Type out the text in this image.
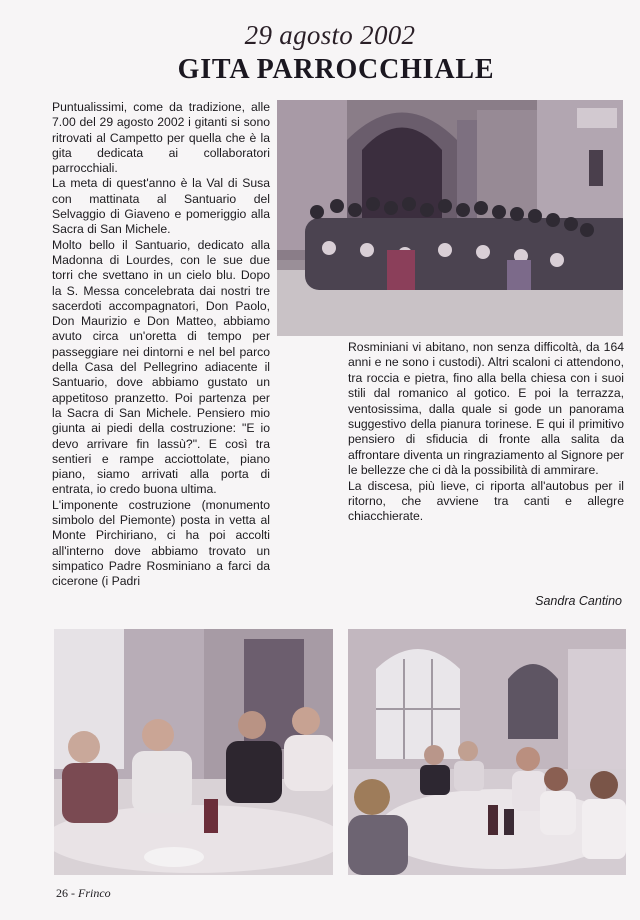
29 agosto 2002
GITA PARROCCHIALE

Puntualissimi, come da tradizione, alle 7.00 del 29 agosto 2002 i gitanti si sono ritrovati al Campetto per quella che è la gita dedicata ai collaboratori parrocchiali.

La meta di quest'anno è la Val di Susa con mattinata al Santuario del Selvaggio di Giaveno e pomeriggio alla Sacra di San Michele.

Molto bello il Santuario, dedicato alla Madonna di Lourdes, con le sue due torri che svettano in un cielo blu. Dopo la S. Messa concelebrata dai nostri tre sacerdoti accompagnatori, Don Paolo, Don Maurizio e Don Matteo, abbiamo avuto circa un'oretta di tempo per passeggiare nei dintorni e nel bel parco della Casa del Pellegrino adiacente il Santuario, dove abbiamo gustato un appetitoso pranzetto. Poi partenza per la Sacra di San Michele. Pensiero mio giunta ai piedi della costruzione: "E io devo arrivare fin lassù?". E così tra sentieri e rampe acciottolate, piano piano, siamo arrivati alla porta di entrata, io credo buona ultima.

L'imponente costruzione (monumento simbolo del Piemonte) posta in vetta al Monte Pirchiriano, ci ha poi accolti all'interno dove abbiamo trovato un simpatico Padre Rosminiano a farci da cicerone (i Padri

Rosminiani vi abitano, non senza difficoltà, da 164 anni e ne sono i custodi). Altri scaloni ci attendono, tra roccia e pietra, fino alla bella chiesa con i suoi stili dal romanico al gotico. E poi la terrazza, ventosissima, dalla quale si gode un panorama suggestivo della pianura torinese. E qui il primitivo pensiero di sfiducia di fronte alla salita da affrontare diventa un ringraziamento al Signore per le bellezze che ci dà la possibilità di ammirare.

La discesa, più lieve, ci riporta all'autobus per il ritorno, che avviene tra canti e allegre chiacchierate.

Sandra Cantino
26 - Frinco
